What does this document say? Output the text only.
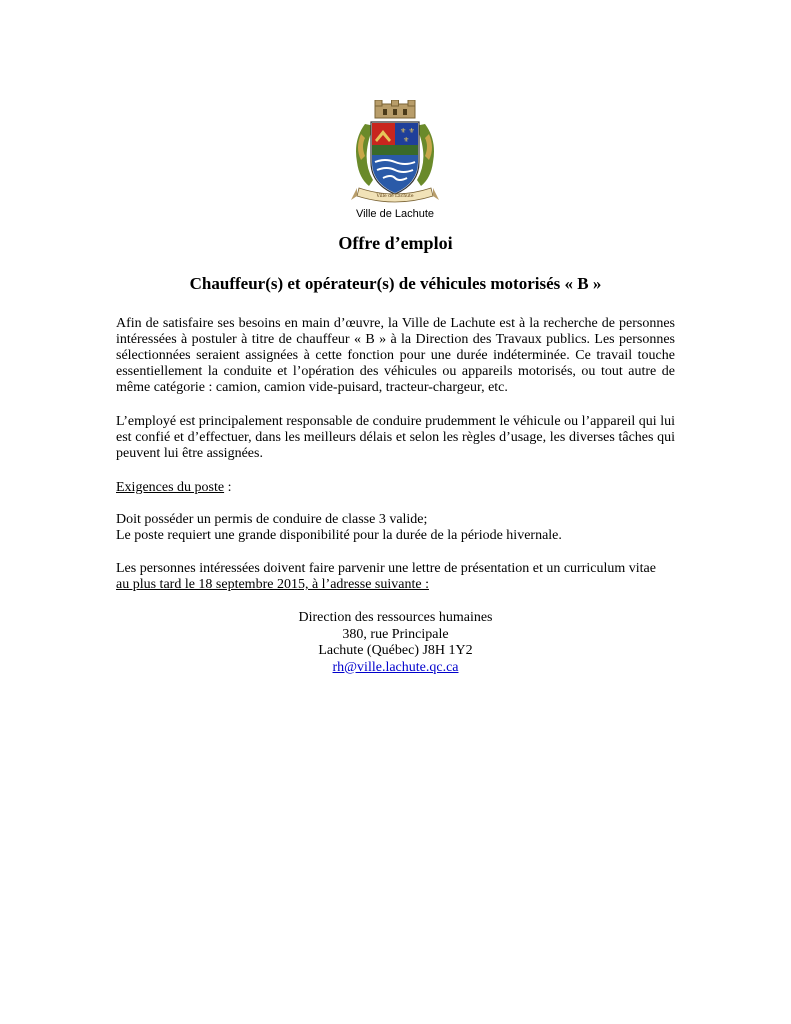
⚜ ⚜
⚜
Ville de Lachute
Ville de Lachute
Offre d’emploi
Chauffeur(s) et opérateur(s) de véhicules motorisés « B »
Afin de satisfaire ses besoins en main d’œuvre, la Ville de Lachute est à la recherche de personnes intéressées à postuler à titre de chauffeur « B » à la Direction des Travaux publics. Les personnes sélectionnées seraient assignées à cette fonction pour une durée indéterminée. Ce travail touche essentiellement la conduite et l’opération des véhicules ou appareils motorisés, ou tout autre de même catégorie : camion, camion vide-puisard, tracteur-chargeur, etc.
L’employé est principalement responsable de conduire prudemment le véhicule ou l’appareil qui lui est confié et d’effectuer, dans les meilleurs délais et selon les règles d’usage, les diverses tâches qui peuvent lui être assignées.
Exigences du poste :
Doit posséder un permis de conduire de classe 3 valide;
Le poste requiert une grande disponibilité pour la durée de la période hivernale.
Les personnes intéressées doivent faire parvenir une lettre de présentation et un curriculum vitae
au plus tard le 18 septembre 2015, à l’adresse suivante :
Direction des ressources humaines
380, rue Principale
Lachute (Québec) J8H 1Y2
rh@ville.lachute.qc.ca
